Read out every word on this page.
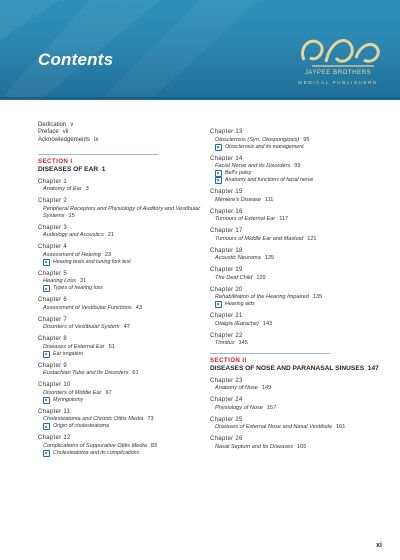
Contents
JAYPEE BROTHERS
MEDICAL PUBLISHERS
Dedication v
Preface vii
Acknowledgements ix
SECTION I
DISEASES OF EAR 1
Chapter 1
Anatomy of Ear 3
Chapter 2
Peripheral Receptors and Physiology of Auditory and Vestibular Systems 15
Chapter 3
Audiology and Acoustics 21
Chapter 4
Assessment of Hearing 23
Hearing tests and tuning fork test
Chapter 5
Hearing Loss 31
Types of hearing loss
Chapter 6
Assessment of Vestibular Functions 43
Chapter 7
Disorders of Vestibular System 47
Chapter 8
Diseases of External Ear 51
Ear irrigation
Chapter 9
Eustachian Tube and Its Disorders 61
Chapter 10
Disorders of Middle Ear 67
Myringotomy
Chapter 11
Cholesteatoma and Chronic Otitis Media 73
Origin of cholesteatoma
Chapter 12
Complications of Suppurative Otitis Media 83
Cholesteatoma and its complications
Chapter 13
Otosclerosis (Syn. Otospongiosis) 95
Otosclerosis and its management
Chapter 14
Facial Nerve and Its Disorders 99
Bell's palsy
Anatomy and functions of facial nerve
Chapter 15
Ménière's Disease 111
Chapter 16
Tumours of External Ear 117
Chapter 17
Tumours of Middle Ear and Mastoid 121
Chapter 18
Acoustic Neuroma 125
Chapter 19
The Deaf Child 129
Chapter 20
Rehabilitation of the Hearing Impaired 135
Hearing aids
Chapter 21
Otalgia (Earache) 143
Chapter 22
Tinnitus 145
SECTION II
DISEASES OF NOSE AND PARANASAL SINUSES 147
Chapter 23
Anatomy of Nose 149
Chapter 24
Physiology of Nose 157
Chapter 25
Diseases of External Nose and Nasal Vestibule 161
Chapter 26
Nasal Septum and Its Diseases 165
xi
